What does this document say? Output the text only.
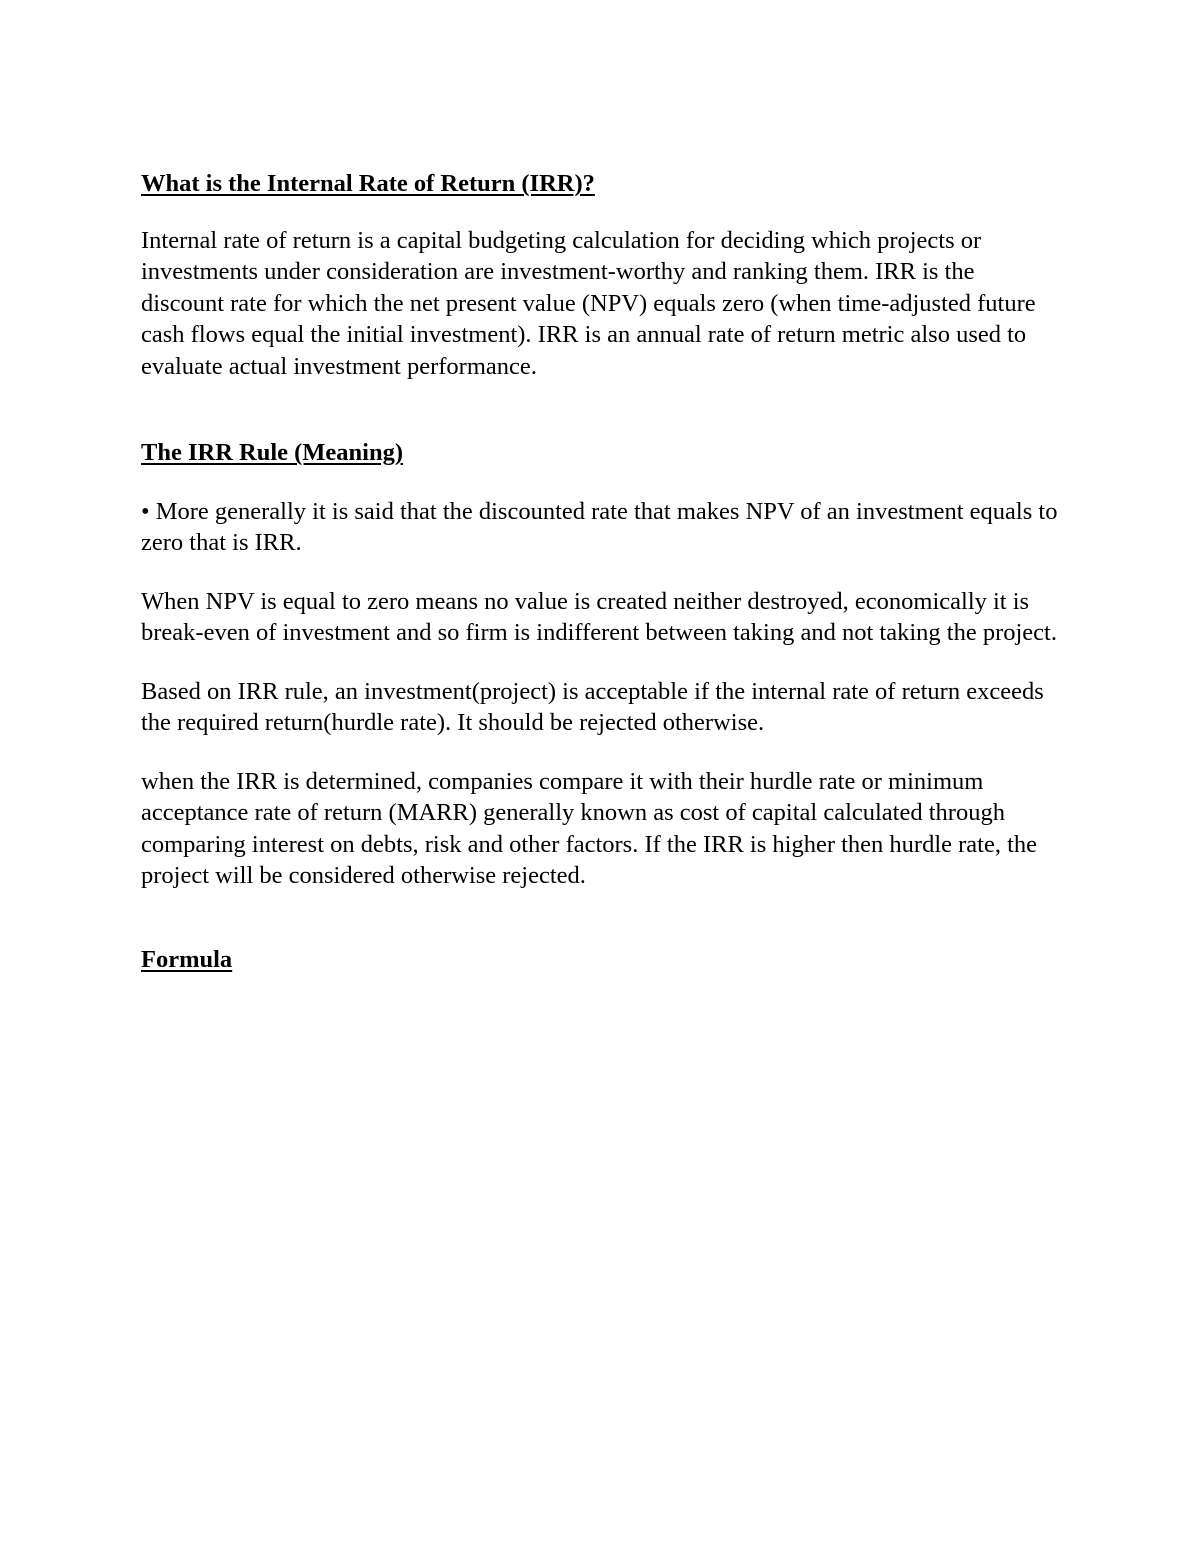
What is the Internal Rate of Return (IRR)?

Internal rate of return is a capital budgeting calculation for deciding which projects or investments under consideration are investment-worthy and ranking them. IRR is the discount rate for which the net present value (NPV) equals zero (when time-adjusted future cash flows equal the initial investment). IRR is an annual rate of return metric also used to evaluate actual investment performance.

The IRR Rule (Meaning)

• More generally it is said that the discounted rate that makes NPV of an investment equals to zero that is IRR.

When NPV is equal to zero means no value is created neither destroyed, economically it is break-even of investment and so firm is indifferent between taking and not taking the project.

Based on IRR rule, an investment(project) is acceptable if the internal rate of return exceeds the required return(hurdle rate). It should be rejected otherwise.

when the IRR is determined, companies compare it with their hurdle rate or minimum acceptance rate of return (MARR) generally known as cost of capital calculated through comparing interest on debts, risk and other factors. If the IRR is higher then hurdle rate, the project will be considered otherwise rejected.

Formula
